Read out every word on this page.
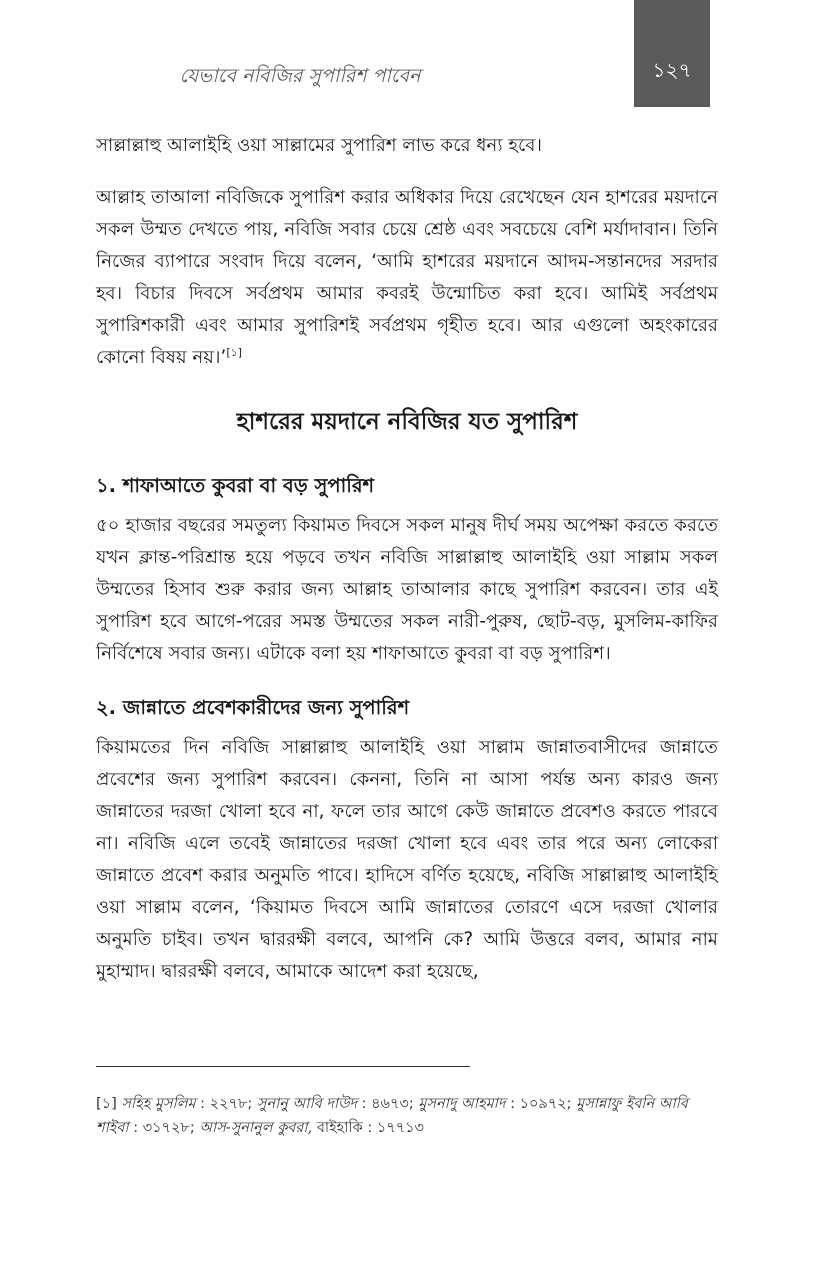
যেভাবে নবিজির সুপারিশ পাবেন	১২৭

সাল্লাল্লাহু আলাইহি ওয়া সাল্লামের সুপারিশ লাভ করে ধন্য হবে।

আল্লাহ তাআলা নবিজিকে সুপারিশ করার অধিকার দিয়ে রেখেছেন যেন হাশরের ময়দানে সকল উম্মত দেখতে পায়, নবিজি সবার চেয়ে শ্রেষ্ঠ এবং সবচেয়ে বেশি মর্যাদাবান। তিনি নিজের ব্যাপারে সংবাদ দিয়ে বলেন, ‘আমি হাশরের ময়দানে আদম-সন্তানদের সরদার হব। বিচার দিবসে সর্বপ্রথম আমার কবরই উন্মোচিত করা হবে। আমিই সর্বপ্রথম সুপারিশকারী এবং আমার সুপারিশই সর্বপ্রথম গৃহীত হবে। আর এগুলো অহংকারের কোনো বিষয় নয়।’[১]

হাশরের ময়দানে নবিজির যত সুপারিশ
১. শাফাআতে কুবরা বা বড় সুপারিশ

৫০ হাজার বছরের সমতুল্য কিয়ামত দিবসে সকল মানুষ দীর্ঘ সময় অপেক্ষা করতে করতে যখন ক্লান্ত-পরিশ্রান্ত হয়ে পড়বে তখন নবিজি সাল্লাল্লাহু আলাইহি ওয়া সাল্লাম সকল উম্মতের হিসাব শুরু করার জন্য আল্লাহ তাআলার কাছে সুপারিশ করবেন। তার এই সুপারিশ হবে আগে-পরের সমস্ত উম্মতের সকল নারী-পুরুষ, ছোট-বড়, মুসলিম-কাফির নির্বিশেষে সবার জন্য। এটাকে বলা হয় শাফাআতে কুবরা বা বড় সুপারিশ।

২. জান্নাতে প্রবেশকারীদের জন্য সুপারিশ

কিয়ামতের দিন নবিজি সাল্লাল্লাহু আলাইহি ওয়া সাল্লাম জান্নাতবাসীদের জান্নাতে প্রবেশের জন্য সুপারিশ করবেন। কেননা, তিনি না আসা পর্যন্ত অন্য কারও জন্য জান্নাতের দরজা খোলা হবে না, ফলে তার আগে কেউ জান্নাতে প্রবেশও করতে পারবে না। নবিজি এলে তবেই জান্নাতের দরজা খোলা হবে এবং তার পরে অন্য লোকেরা জান্নাতে প্রবেশ করার অনুমতি পাবে। হাদিসে বর্ণিত হয়েছে, নবিজি সাল্লাল্লাহু আলাইহি ওয়া সাল্লাম বলেন, ‘কিয়ামত দিবসে আমি জান্নাতের তোরণে এসে দরজা খোলার অনুমতি চাইব। তখন দ্বাররক্ষী বলবে, আপনি কে? আমি উত্তরে বলব, আমার নাম মুহাম্মাদ। দ্বাররক্ষী বলবে, আমাকে আদেশ করা হয়েছে,

[১] সহিহ মুসলিম : ২২৭৮; সুনানু আবি দাউদ : ৪৬৭৩; মুসনাদু আহমাদ : ১০৯৭২; মুসান্নাফু ইবনি আবি শাইবা : ৩১৭২৮; আস-সুনানুল কুবরা, বাইহাকি : ১৭৭১৩
